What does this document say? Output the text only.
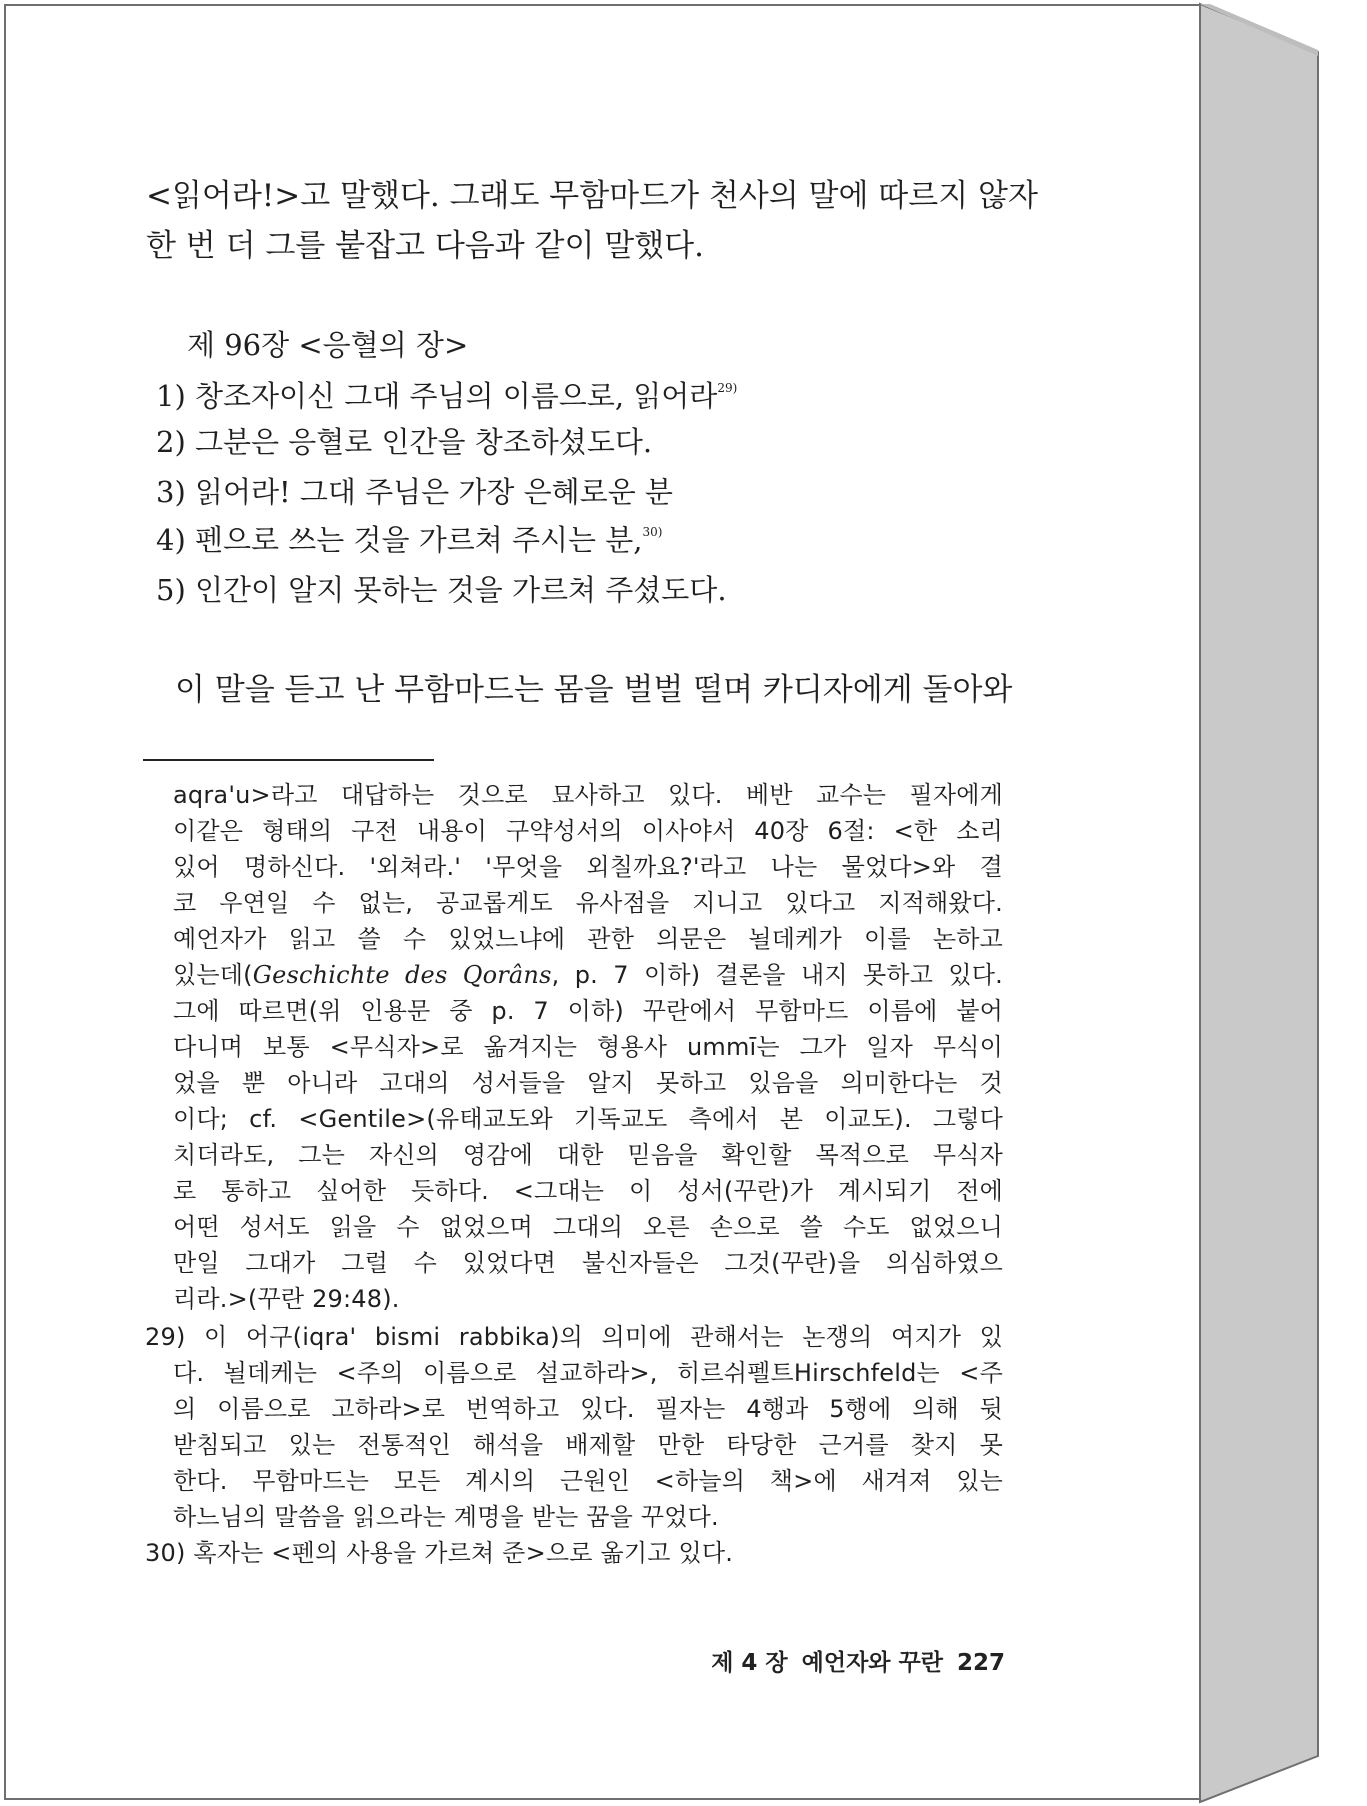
<읽어라!>고 말했다. 그래도 무함마드가 천사의 말에 따르지 않자
한 번 더 그를 붙잡고 다음과 같이 말했다.
제 96장 <응혈의 장>
1) 창조자이신 그대 주님의 이름으로, 읽어라$^{29)}$
2) 그분은 응혈로 인간을 창조하셨도다.
3) 읽어라! 그대 주님은 가장 은혜로운 분
4) 펜으로 쓰는 것을 가르쳐 주시는 분,$^{30)}$
5) 인간이 알지 못하는 것을 가르쳐 주셨도다.
이 말을 듣고 난 무함마드는 몸을 벌벌 떨며 카디자에게 돌아와
aqra'u>라고 대답하는 것으로 묘사하고 있다. 베반 교수는 필자에게
이같은 형태의 구전 내용이 구약성서의 이사야서 40장 6절: <한 소리
있어 명하신다. '외쳐라.' '무엇을 외칠까요?'라고 나는 물었다>와 결
코 우연일 수 없는, 공교롭게도 유사점을 지니고 있다고 지적해왔다.
예언자가 읽고 쓸 수 있었느냐에 관한 의문은 뇔데케가 이를 논하고
있는데(Geschichte des Qorâns, p. 7 이하) 결론을 내지 못하고 있다.
그에 따르면(위 인용문 중 p. 7 이하) 꾸란에서 무함마드 이름에 붙어
다니며 보통 <무식자>로 옮겨지는 형용사 ummī는 그가 일자 무식이
었을 뿐 아니라 고대의 성서들을 알지 못하고 있음을 의미한다는 것
이다; cf. <Gentile>(유태교도와 기독교도 측에서 본 이교도). 그렇다
치더라도, 그는 자신의 영감에 대한 믿음을 확인할 목적으로 무식자
로 통하고 싶어한 듯하다. <그대는 이 성서(꾸란)가 계시되기 전에
어떤 성서도 읽을 수 없었으며 그대의 오른 손으로 쓸 수도 없었으니
만일 그대가 그럴 수 있었다면 불신자들은 그것(꾸란)을 의심하였으
리라.>(꾸란 29:48).
29) 이 어구(iqra' bismi rabbika)의 의미에 관해서는 논쟁의 여지가 있
다. 뇔데케는 <주의 이름으로 설교하라>, 히르쉬펠트Hirschfeld는 <주
의 이름으로 고하라>로 번역하고 있다. 필자는 4행과 5행에 의해 뒷
받침되고 있는 전통적인 해석을 배제할 만한 타당한 근거를 찾지 못
한다. 무함마드는 모든 계시의 근원인 <하늘의 책>에 새겨져 있는
하느님의 말씀을 읽으라는 계명을 받는 꿈을 꾸었다.
30) 혹자는 <펜의 사용을 가르쳐 준>으로 옮기고 있다.
제 4 장 예언자와 꾸란 227
